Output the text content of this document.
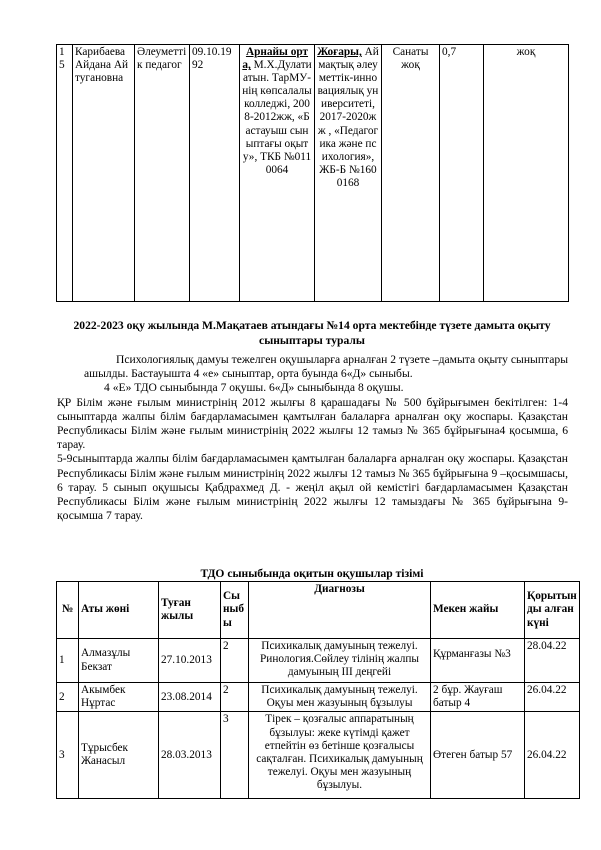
15	Карибаева Айдана Айтугановна	Әлеуметтік педагог	09.10.1992	Арнайы орта, М.Х.Дулати атын. ТарМУ-нің көпсалалы колледжі, 2008-2012жж, «Бастауыш сыныптағы оқыту», ТКБ №0110064	Жоғары, Аймақтық әлеуметтік-инновациялық университеті, 2017-2020жж , «Педагогика және психология», ЖБ-Б №1600168	Санаты жоқ	0,7	жоқ
2022-2023 оқу жылында М.Мақатаев атындағы №14 орта мектебінде түзете дамыта оқыту сыныптары туралы

Психологиялық дамуы тежелген оқушыларға арналған 2 түзете –дамыта оқыту сыныптары ашылды. Бастауышта 4 «е» сыныптар, орта буында 6«Д» сыныбы.

4 «Е» ТДО сыныбында 7 оқушы. 6«Д» сыныбында 8 оқушы.

ҚР Білім және ғылым министрінің 2012 жылғы 8 қарашадағы № 500 бұйрығымен бекітілген: 1-4 сыныптарда жалпы білім бағдарламасымен қамтылған балаларға арналған оқу жоспары. Қазақстан Республикасы Білім және ғылым министрінің 2022 жылғы 12 тамыз № 365 бұйрығына4 қосымша, 6 тарау.

5-9сыныптарда жалпы білім бағдарламасымен қамтылған балаларға арналған оқу жоспары. Қазақстан Республикасы Білім және ғылым министрінің 2022 жылғы 12 тамыз № 365 бұйрығына 9 –қосымшасы, 6 тарау. 5 сынып оқушысы Қабдрахмед Д. - жеңіл ақыл ой кемістігі бағдарламасымен Қазақстан Республикасы Білім және ғылым министрінің 2022 жылғы 12 тамыздағы № 365 бұйрығына 9-қосымша 7 тарау.

ТДО сыныбында оқитын оқушылар тізімі
№	Аты жөні	Туған жылы	Сыныбы	Диагнозы	Мекен жайы	Қорытынды алған күні
1	Алмазұлы Бекзат	27.10.2013	2	Психикалық дамуының тежелуі. Ринология.Сөйлеу тілінің жалпы дамуының ІІІ деңгейі	Құрманғазы №3	28.04.22
2	Акымбек Нұртас	23.08.2014	2	Психикалық дамуының тежелуі. Оқуы мен жазуының бұзылуы	2 бұр. Жауғаш батыр 4	26.04.22
3	Тұрысбек Жанасыл	28.03.2013	3	Тірек – қозғалыс аппаратының бұзылуы: жеке күтімді қажет етпейтін өз бетінше қозғалысы сақталған. Психикалық дамуының тежелуі. Оқуы мен жазуының бұзылуы.	Өтеген батыр 57	26.04.22
